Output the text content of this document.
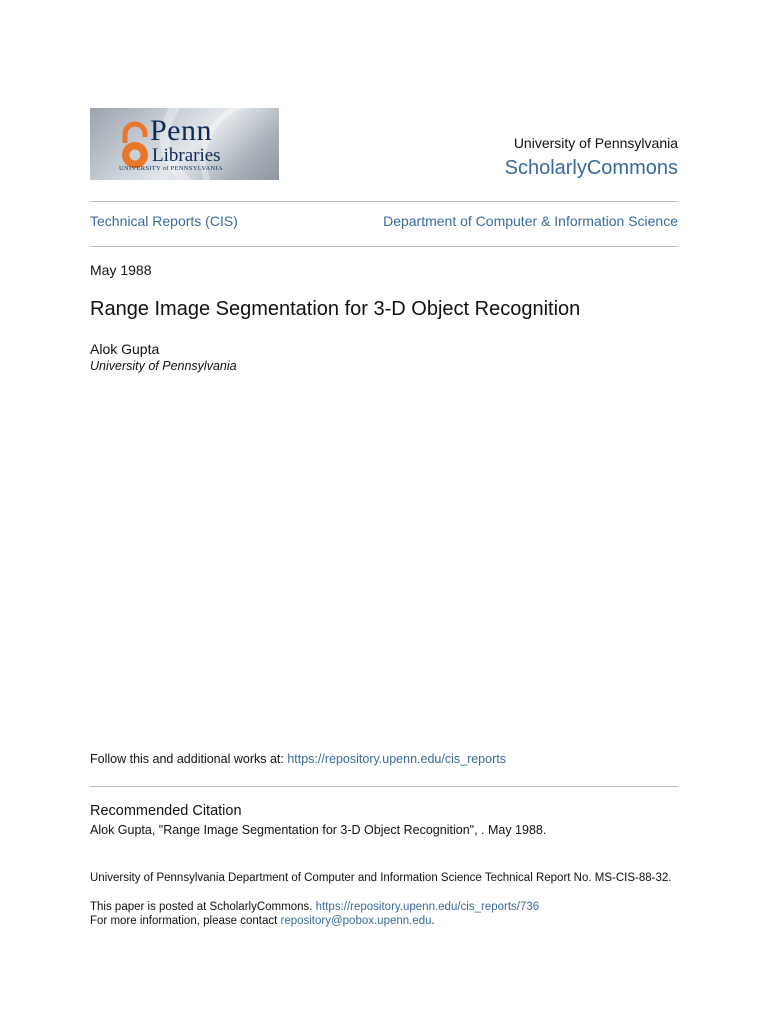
Penn
Libraries
UNIVERSITY of PENNSYLVANIA
University of Pennsylvania
ScholarlyCommons
Technical Reports (CIS)	Department of Computer & Information Science
May 1988
Range Image Segmentation for 3-D Object Recognition
Alok Gupta
University of Pennsylvania
Follow this and additional works at: https://repository.upenn.edu/cis_reports
Recommended Citation
Alok Gupta, "Range Image Segmentation for 3-D Object Recognition", . May 1988.
University of Pennsylvania Department of Computer and Information Science Technical Report No. MS-CIS-88-32.
This paper is posted at ScholarlyCommons. https://repository.upenn.edu/cis_reports/736
For more information, please contact repository@pobox.upenn.edu.
